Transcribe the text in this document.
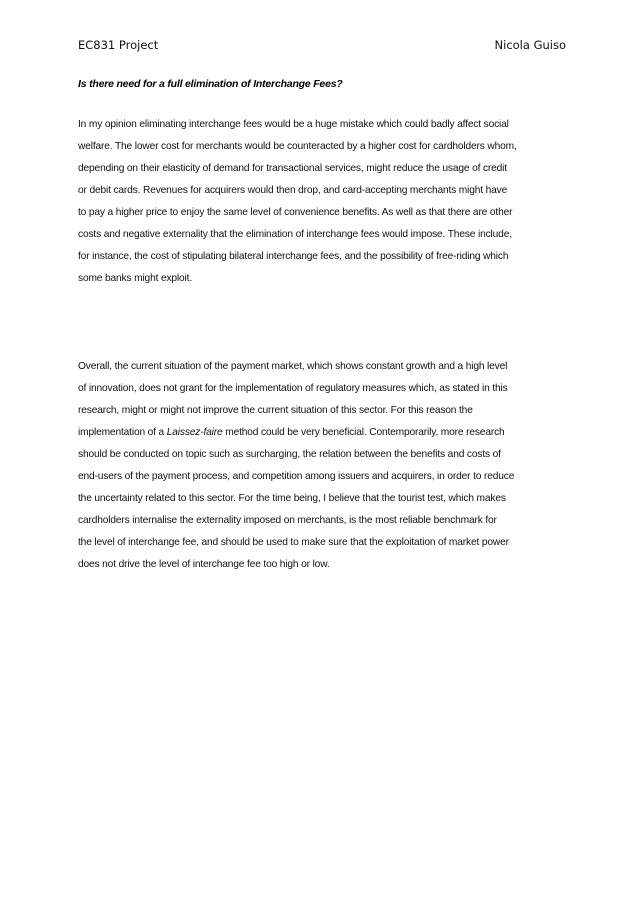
EC831 Project	Nicola Guiso
Is there need for a full elimination of Interchange Fees?
In my opinion eliminating interchange fees would be a huge mistake which could badly affect social
welfare. The lower cost for merchants would be counteracted by a higher cost for cardholders whom,
depending on their elasticity of demand for transactional services, might reduce the usage of credit
or debit cards. Revenues for acquirers would then drop, and card-accepting merchants might have
to pay a higher price to enjoy the same level of convenience benefits. As well as that there are other
costs and negative externality that the elimination of interchange fees would impose. These include,
for instance, the cost of stipulating bilateral interchange fees, and the possibility of free-riding which
some banks might exploit.
Overall, the current situation of the payment market, which shows constant growth and a high level
of innovation, does not grant for the implementation of regulatory measures which, as stated in this
research, might or might not improve the current situation of this sector. For this reason the
implementation of a Laissez-faire method could be very beneficial. Contemporarily, more research
should be conducted on topic such as surcharging, the relation between the benefits and costs of
end-users of the payment process, and competition among issuers and acquirers, in order to reduce
the uncertainty related to this sector. For the time being, I believe that the tourist test, which makes
cardholders internalise the externality imposed on merchants, is the most reliable benchmark for
the level of interchange fee, and should be used to make sure that the exploitation of market power
does not drive the level of interchange fee too high or low.
